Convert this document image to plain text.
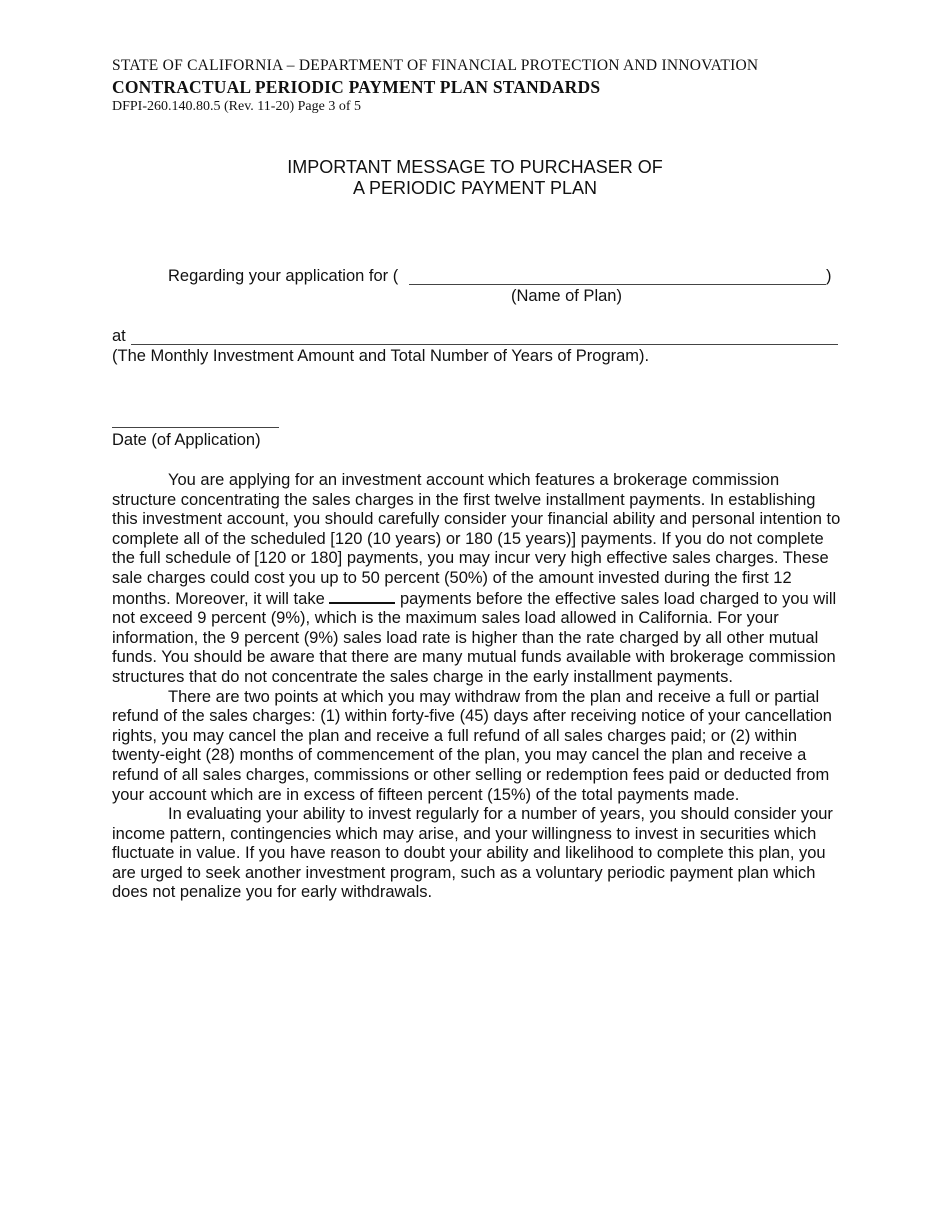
STATE OF CALIFORNIA – DEPARTMENT OF FINANCIAL PROTECTION AND INNOVATION
CONTRACTUAL PERIODIC PAYMENT PLAN STANDARDS
DFPI-260.140.80.5 (Rev. 11-20) Page 3 of 5
IMPORTANT MESSAGE TO PURCHASER OF
A PERIODIC PAYMENT PLAN
Regarding your application for (	)
(Name of Plan)
at
(The Monthly Investment Amount and Total Number of Years of Program).
Date (of Application)

You are applying for an investment account which features a brokerage commission structure concentrating the sales charges in the first twelve installment payments. In establishing this investment account, you should carefully consider your financial ability and personal intention to complete all of the scheduled [120 (10 years) or 180 (15 years)] payments. If you do not complete the full schedule of [120 or 180] payments, you may incur very high effective sales charges. These sale charges could cost you up to 50 percent (50%) of the amount invested during the first 12 months. Moreover, it will take	payments before the effective sales load charged to you will not exceed 9 percent (9%), which is the maximum sales load allowed in California. For your information, the 9 percent (9%) sales load rate is higher than the rate charged by all other mutual funds. You should be aware that there are many mutual funds available with brokerage commission structures that do not concentrate the sales charge in the early installment payments.

There are two points at which you may withdraw from the plan and receive a full or partial refund of the sales charges: (1) within forty-five (45) days after receiving notice of your cancellation rights, you may cancel the plan and receive a full refund of all sales charges paid; or (2) within twenty-eight (28) months of commencement of the plan, you may cancel the plan and receive a refund of all sales charges, commissions or other selling or redemption fees paid or deducted from your account which are in excess of fifteen percent (15%) of the total payments made.

In evaluating your ability to invest regularly for a number of years, you should consider your income pattern, contingencies which may arise, and your willingness to invest in securities which fluctuate in value. If you have reason to doubt your ability and likelihood to complete this plan, you are urged to seek another investment program, such as a voluntary periodic payment plan which does not penalize you for early withdrawals.
